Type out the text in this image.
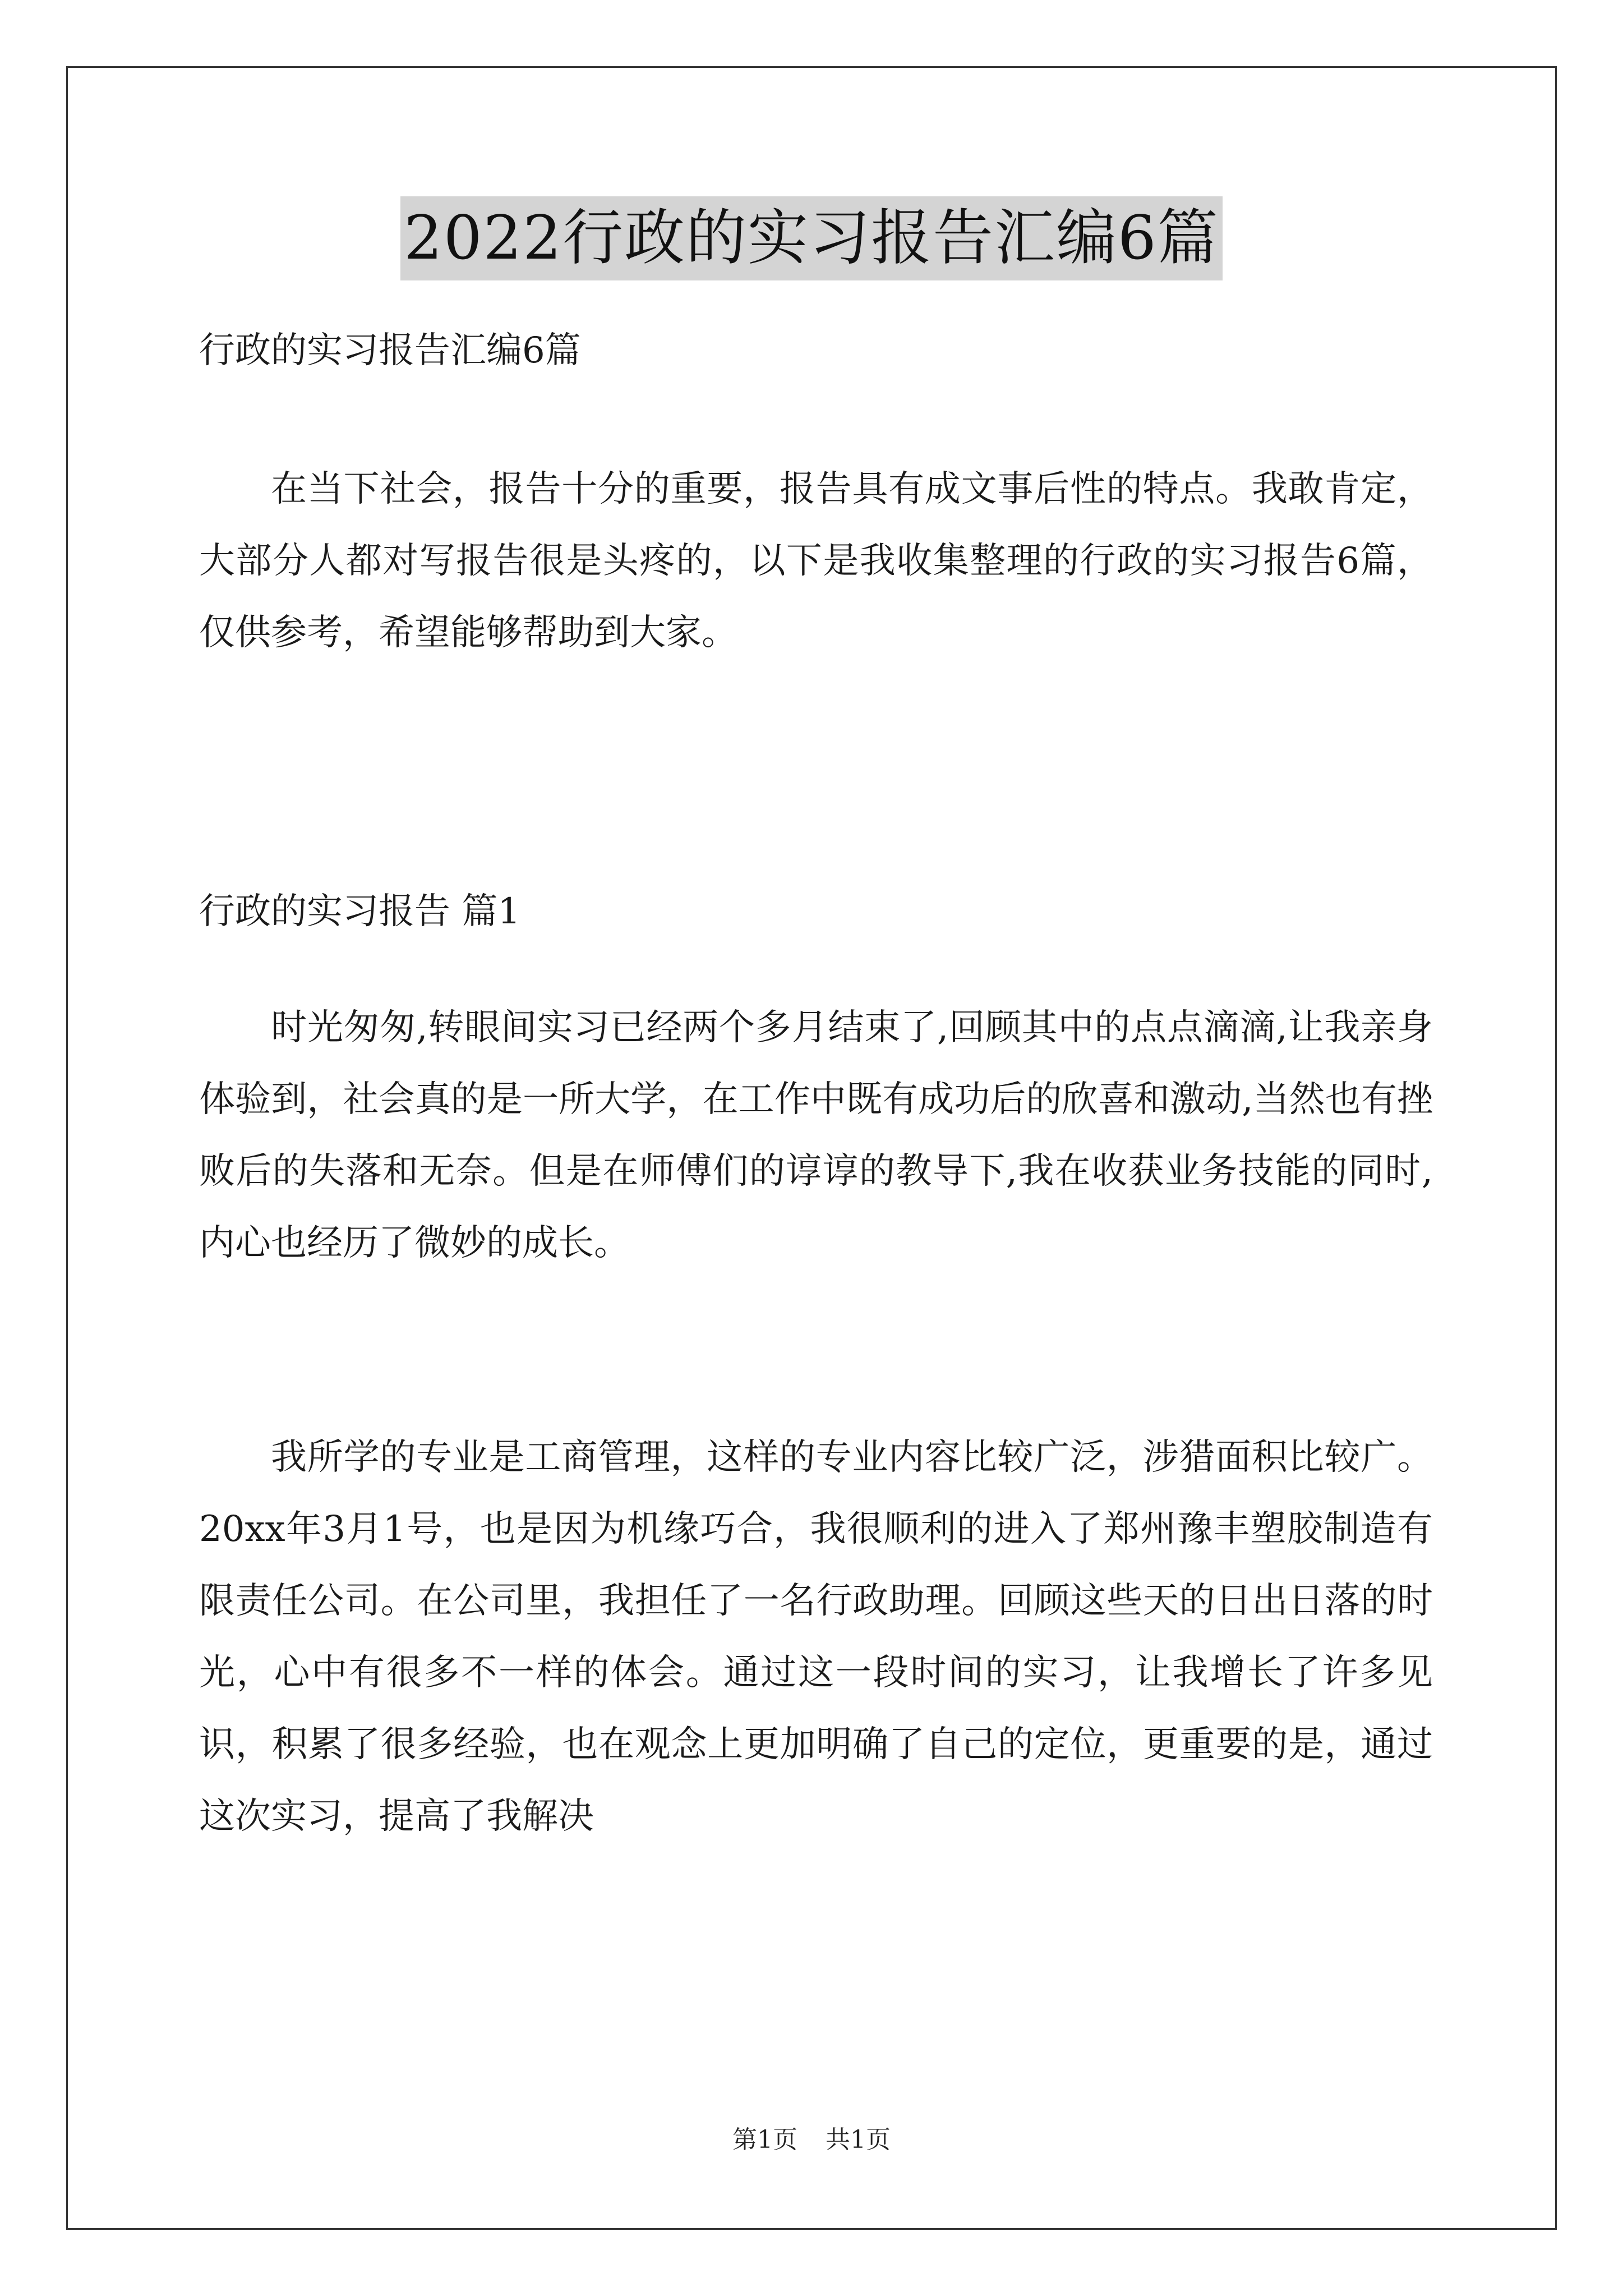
2022行政的实习报告汇编6篇
行政的实习报告汇编6篇

在当下社会，报告十分的重要，报告具有成文事后性的特点。我敢肯定，大部分人都对写报告很是头疼的，以下是我收集整理的行政的实习报告6篇，仅供参考，希望能够帮助到大家。

行政的实习报告 篇1

时光匆匆,转眼间实习已经两个多月结束了,回顾其中的点点滴滴,让我亲身体验到，社会真的是一所大学，在工作中既有成功后的欣喜和激动,当然也有挫败后的失落和无奈。但是在师傅们的谆谆的教导下,我在收获业务技能的同时,内心也经历了微妙的成长。

我所学的专业是工商管理，这样的专业内容比较广泛，涉猎面积比较广。20xx年3月1号，也是因为机缘巧合，我很顺利的进入了郑州豫丰塑胶制造有限责任公司。在公司里，我担任了一名行政助理。回顾这些天的日出日落的时光，心中有很多不一样的体会。通过这一段时间的实习，让我增长了许多见识，积累了很多经验，也在观念上更加明确了自己的定位，更重要的是，通过这次实习，提高了我解决

第1页 共1页
